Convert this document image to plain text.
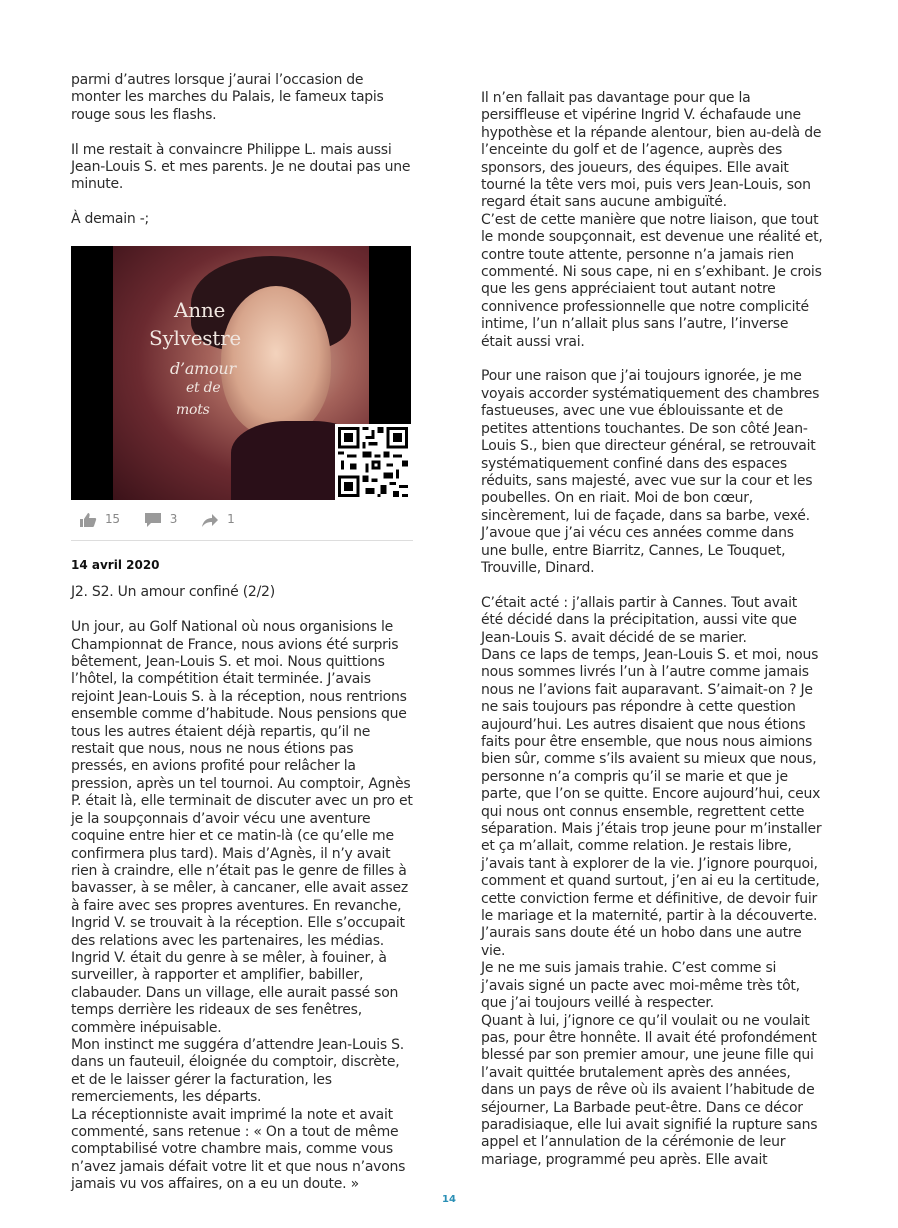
parmi d’autres lorsque j’aurai l’occasion de monter les marches du Palais, le fameux tapis rouge sous les flashs.

Il me restait à convaincre Philippe L. mais aussi Jean-Louis S. et mes parents. Je ne doutai pas une minute.

À demain -;

Anne
Sylvestre
d’amour
et de
mots
15	3	1
14 avril 2020

J2. S2. Un amour confiné (2/2)

Un jour, au Golf National où nous organisions le Championnat de France, nous avions été surpris bêtement, Jean-Louis S. et moi. Nous quittions l’hôtel, la compétition était terminée. J’avais rejoint Jean-Louis S. à la réception, nous rentrions ensemble comme d’habitude. Nous pensions que tous les autres étaient déjà repartis, qu’il ne restait que nous, nous ne nous étions pas pressés, en avions profité pour relâcher la pression, après un tel tournoi. Au comptoir, Agnès P. était là, elle terminait de discuter avec un pro et je la soupçonnais d’avoir vécu une aventure coquine entre hier et ce matin-là (ce qu’elle me confirmera plus tard). Mais d’Agnès, il n’y avait rien à craindre, elle n’était pas le genre de filles à bavasser, à se mêler, à cancaner, elle avait assez à faire avec ses propres aventures. En revanche, Ingrid V. se trouvait à la réception. Elle s’occupait des relations avec les partenaires, les médias. Ingrid V. était du genre à se mêler, à fouiner, à surveiller, à rapporter et amplifier, babiller, clabauder. Dans un village, elle aurait passé son temps derrière les rideaux de ses fenêtres, commère inépuisable.

Mon instinct me suggéra d’attendre Jean-Louis S. dans un fauteuil, éloignée du comptoir, discrète, et de le laisser gérer la facturation, les remerciements, les départs.

La réceptionniste avait imprimé la note et avait commenté, sans retenue : « On a tout de même comptabilisé votre chambre mais, comme vous n’avez jamais défait votre lit et que nous n’avons jamais vu vos affaires, on a eu un doute. »

Il n’en fallait pas davantage pour que la persiffleuse et vipérine Ingrid V. échafaude une hypothèse et la répande alentour, bien au-delà de l’enceinte du golf et de l’agence, auprès des sponsors, des joueurs, des équipes. Elle avait tourné la tête vers moi, puis vers Jean-Louis, son regard était sans aucune ambiguïté.

C’est de cette manière que notre liaison, que tout le monde soupçonnait, est devenue une réalité et, contre toute attente, personne n’a jamais rien commenté. Ni sous cape, ni en s’exhibant. Je crois que les gens appréciaient tout autant notre connivence professionnelle que notre complicité intime, l’un n’allait plus sans l’autre, l’inverse était aussi vrai.

Pour une raison que j’ai toujours ignorée, je me voyais accorder systématiquement des chambres fastueuses, avec une vue éblouissante et de petites attentions touchantes. De son côté Jean-Louis S., bien que directeur général, se retrouvait systématiquement confiné dans des espaces réduits, sans majesté, avec vue sur la cour et les poubelles. On en riait. Moi de bon cœur, sincèrement, lui de façade, dans sa barbe, vexé. J’avoue que j’ai vécu ces années comme dans une bulle, entre Biarritz, Cannes, Le Touquet, Trouville, Dinard.

C’était acté : j’allais partir à Cannes. Tout avait été décidé dans la précipitation, aussi vite que Jean-Louis S. avait décidé de se marier.

Dans ce laps de temps, Jean-Louis S. et moi, nous nous sommes livrés l’un à l’autre comme jamais nous ne l’avions fait auparavant. S’aimait-on ? Je ne sais toujours pas répondre à cette question aujourd’hui. Les autres disaient que nous étions faits pour être ensemble, que nous nous aimions bien sûr, comme s’ils avaient su mieux que nous, personne n’a compris qu’il se marie et que je parte, que l’on se quitte. Encore aujourd’hui, ceux qui nous ont connus ensemble, regrettent cette séparation. Mais j’étais trop jeune pour m’installer et ça m’allait, comme relation. Je restais libre, j’avais tant à explorer de la vie. J’ignore pourquoi, comment et quand surtout, j’en ai eu la certitude, cette conviction ferme et définitive, de devoir fuir le mariage et la maternité, partir à la découverte. J’aurais sans doute été un hobo dans une autre vie.

Je ne me suis jamais trahie. C’est comme si j’avais signé un pacte avec moi-même très tôt, que j’ai toujours veillé à respecter.

Quant à lui, j’ignore ce qu’il voulait ou ne voulait pas, pour être honnête. Il avait été profondément blessé par son premier amour, une jeune fille qui l’avait quittée brutalement après des années, dans un pays de rêve où ils avaient l’habitude de séjourner, La Barbade peut-être. Dans ce décor paradisiaque, elle lui avait signifié la rupture sans appel et l’annulation de la cérémonie de leur mariage, programmé peu après. Elle avait

14
